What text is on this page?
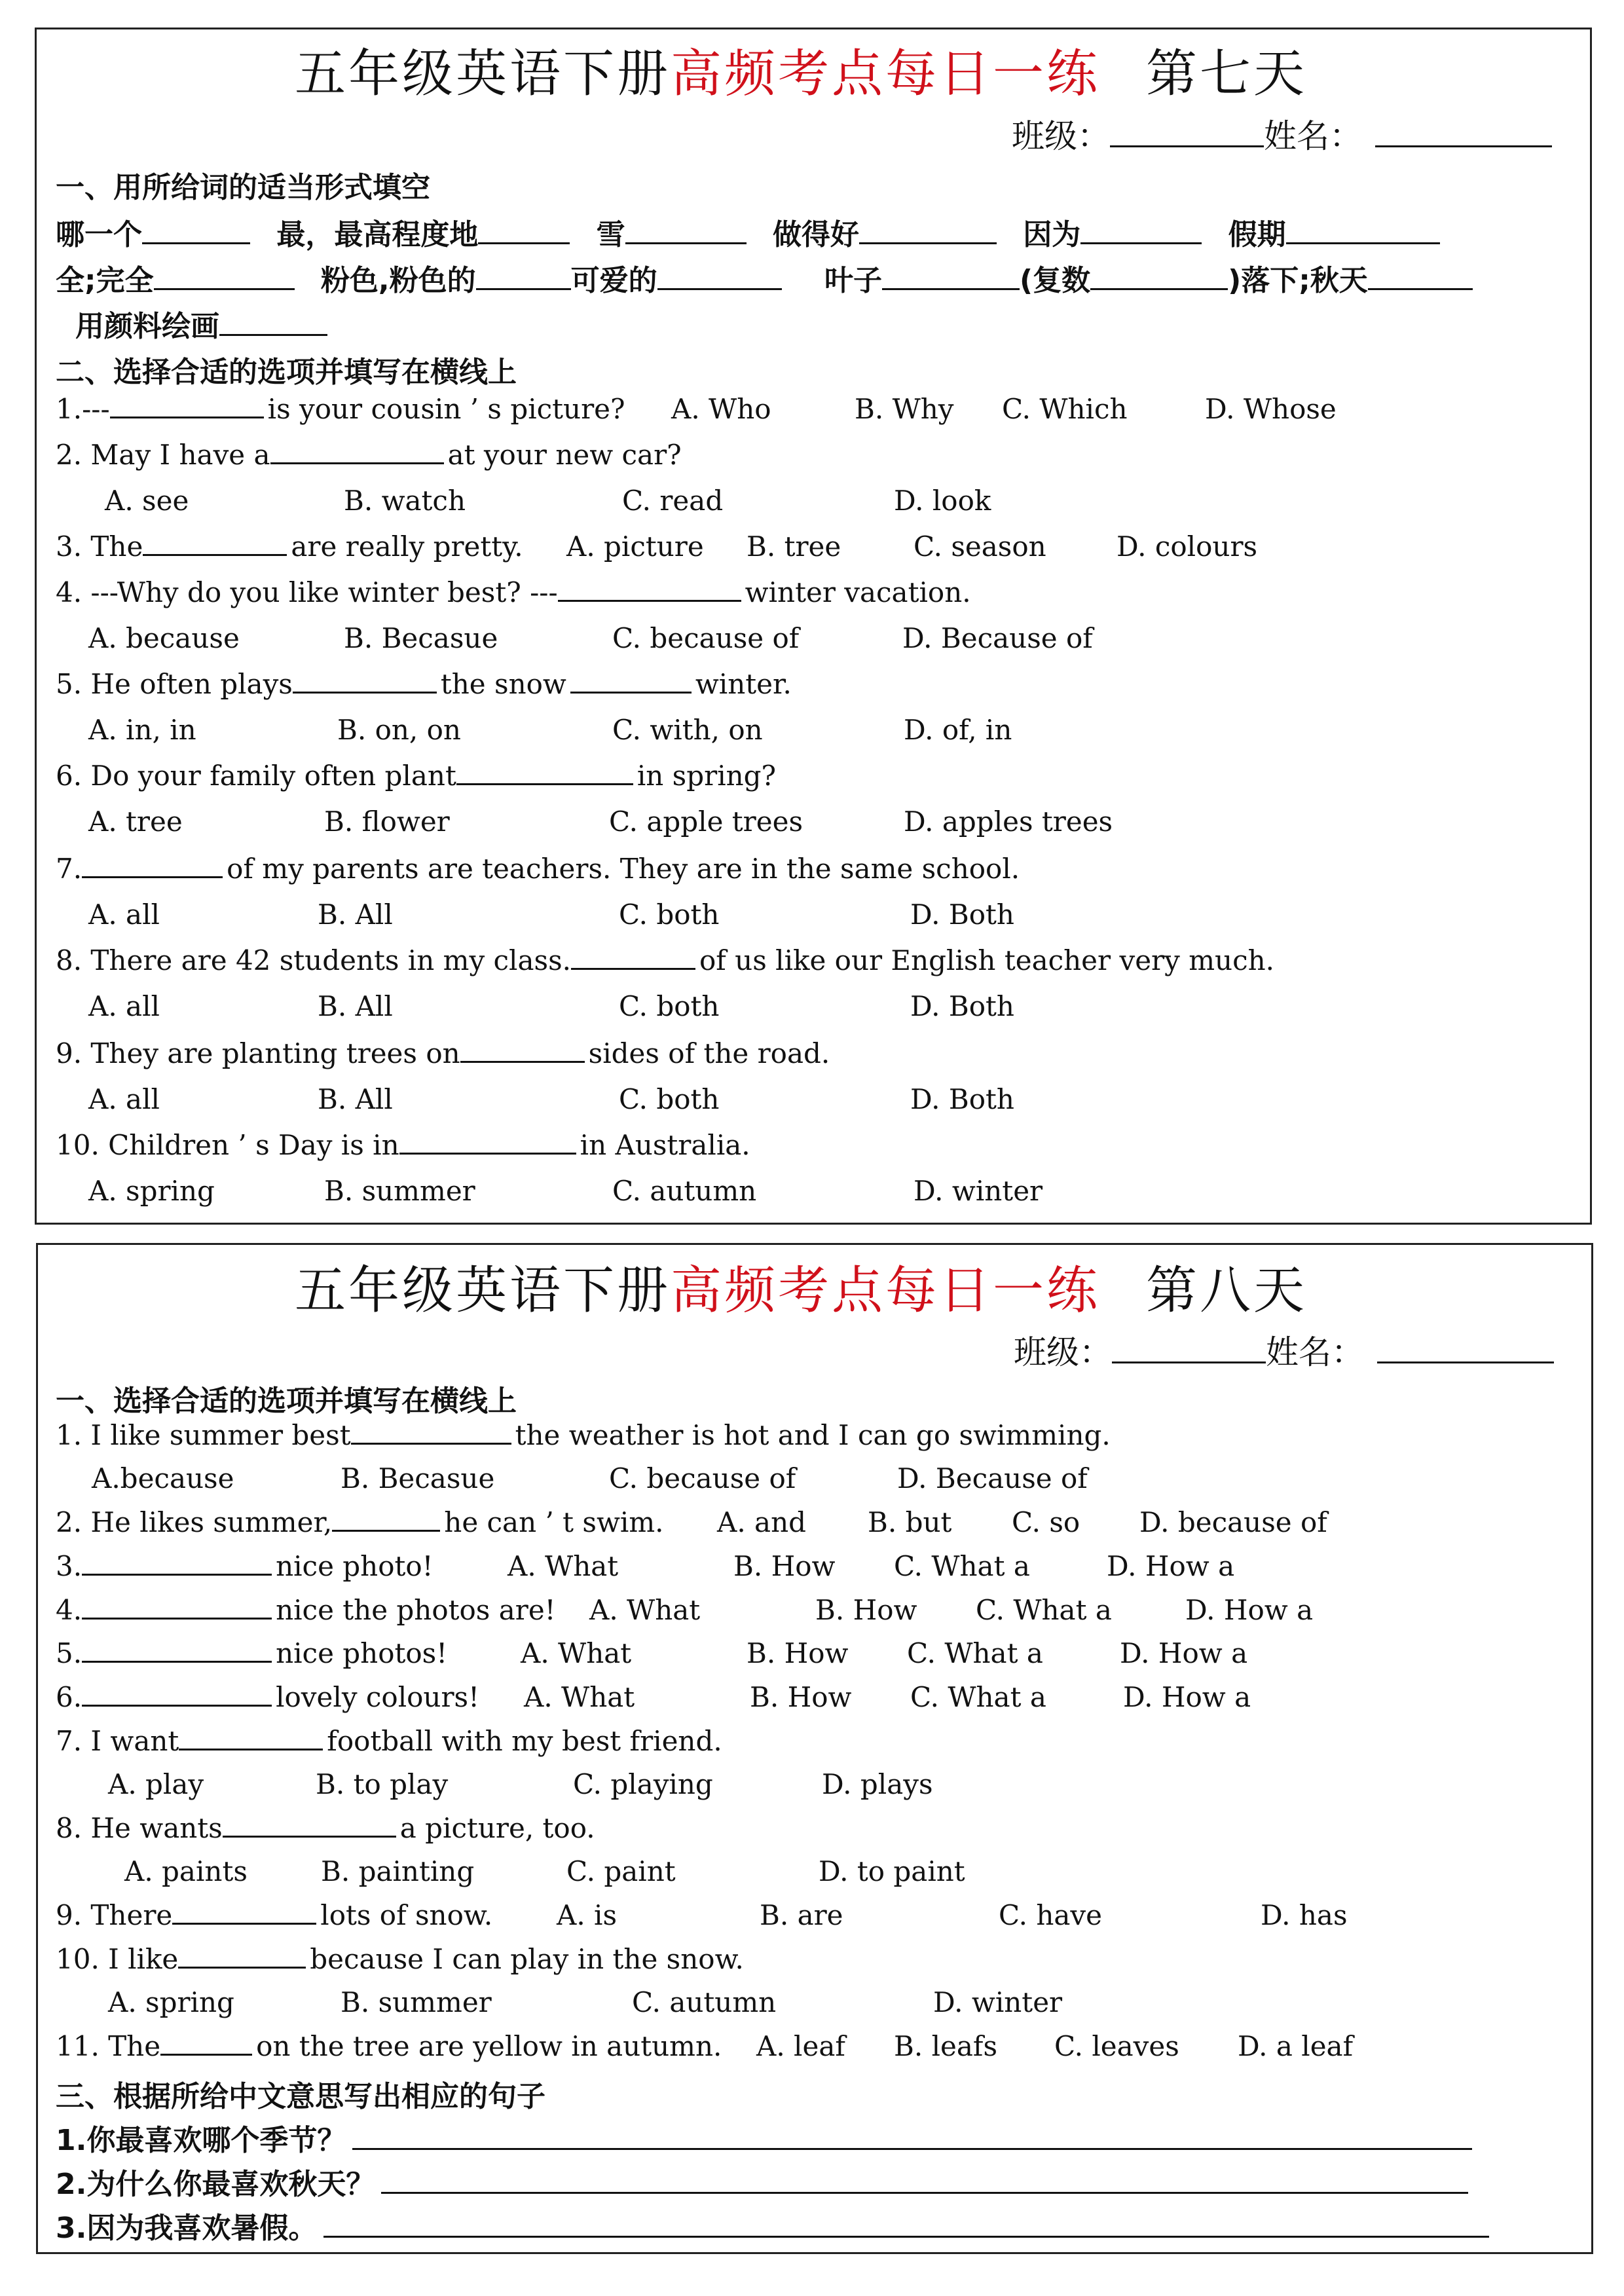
五年级英语下册高频考点每日一练 第七天
班级：	姓名：
一、用所给词的适当形式填空
哪一个	最，最高程度地	雪	做得好	因为	假期
全;完全	粉色,粉色的	可爱的	叶子	(复数	)落下;秋天
用颜料绘画
二、选择合适的选项并填写在横线上
1.---	is your cousin ’ s picture? A. Who	B. Why C. Which	D. Whose
2. May I have a	at your new car?
A. see	B. watch	C. read	D. look
3. The	are really pretty. A. picture B. tree	C. season	D. colours
4. ---Why do you like winter best? ---	winter vacation.
A. because	B. Becasue	C. because of	D. Because of
5. He often plays	the snow	winter.
A. in, in	B. on, on	C. with, on	D. of, in
6. Do your family often plant	in spring?
A. tree	B. flower	C. apple trees	D. apples trees
7.	of my parents are teachers. They are in the same school.
A. all	B. All	C. both	D. Both
8. There are 42 students in my class.	of us like our English teacher very much.
A. all	B. All	C. both	D. Both
9. They are planting trees on	sides of the road.
A. all	B. All	C. both	D. Both
10. Children ’ s Day is in	in Australia.
A. spring	B. summer	C. autumn	D. winter
五年级英语下册高频考点每日一练 第八天
班级：	姓名：
一、选择合适的选项并填写在横线上
1. I like summer best	the weather is hot and I can go swimming.
A.because	B. Becasue	C. because of	D. Because of
2. He likes summer,	he can ’ t swim. A. and B. but C. so D. because of
3.	nice photo!	A. What	B. How C. What a	D. How a
4.	nice the photos are! A. What	B. How C. What a	D. How a
5.	nice photos!	A. What	B. How C. What a	D. How a
6.	lovely colours! A. What	B. How C. What a	D. How a
7. I want	football with my best friend.
A. play	B. to play	C. playing	D. plays
8. He wants	a picture, too.
A. paints	B. painting	C. paint	D. to paint
9. There	lots of snow. A. is	B. are	C. have	D. has
10. I like	because I can play in the snow.
A. spring	B. summer	C. autumn	D. winter
11. The	on the tree are yellow in autumn. A. leaf B. leafs C. leaves D. a leaf
三、根据所给中文意思写出相应的句子
1.你最喜欢哪个季节？
2.为什么你最喜欢秋天？
3.因为我喜欢暑假。
